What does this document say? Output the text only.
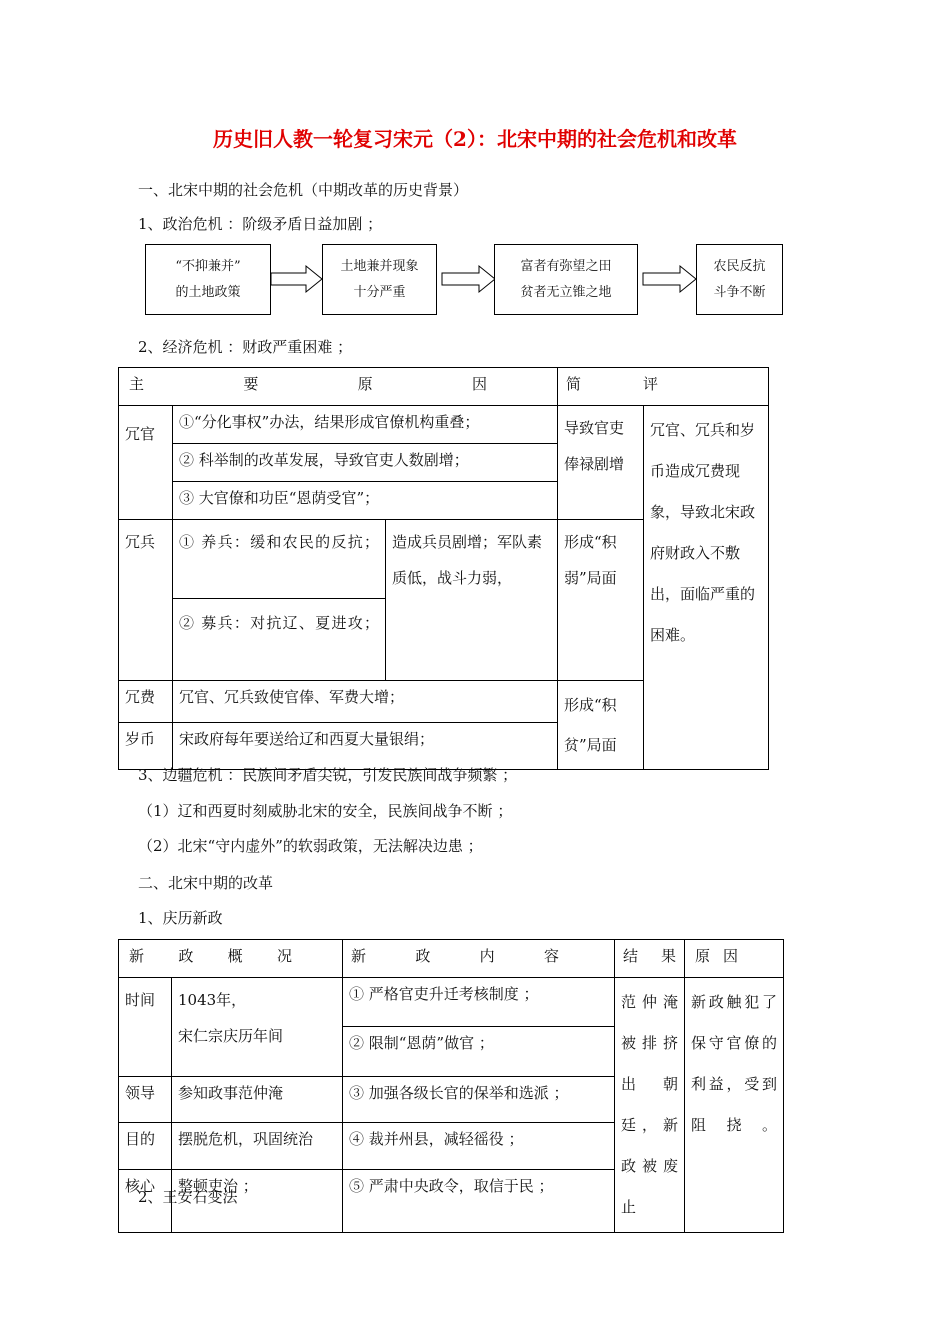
历史旧人教一轮复习宋元（2）：北宋中期的社会危机和改革
一、北宋中期的社会危机（中期改革的历史背景）
1、政治危机 ：阶级矛盾日益加剧 ；
“不抑兼并”
的土地政策
土地兼并现象
十分严重
富者有弥望之田
贫者无立锥之地
农民反抗
斗争不断
2、经济危机 ：财政严重困难 ；
主 要 原 因			简 评	

冗官	①“分化事权”办法，结果形成官僚机构重叠；		导致官吏俸禄剧增	冗官、冗兵和岁币造成冗费现象，导致北宋政府财政入不敷出，面临严重的困难。
	② 科举制的改革发展，导致官吏人数剧增；			
	③ 大官僚和功臣“恩荫受官”；			
冗兵	① 养兵：缓和农民的反抗；	造成兵员剧增；军队素质低，战斗力弱，	形成“积弱”局面	
	② 募兵：对抗辽、夏进攻；			
冗费	冗官、冗兵致使官俸、军费大增；		形成“积贫”局面	
岁币	宋政府每年要送给辽和西夏大量银绢；			
3、边疆危机 ：民族间矛盾尖锐，引发民族间战争频繁 ；
（1）辽和西夏时刻威胁北宋的安全，民族间战争不断 ；
（2）北宋“守内虚外”的软弱政策，无法解决边患 ；
二、北宋中期的改革
1、庆历新政
新 政 概 况		新 政 内 容	结 果	原 因

时间	1043年，
宋仁宗庆历年间	① 严格官吏升迁考核制度 ；	范仲淹被排挤出朝廷，新政被废止	新政触犯了保守官僚的利益，受到阻挠。
		② 限制“恩荫”做官 ；		
领导	参知政事范仲淹	③ 加强各级长官的保举和选派 ；		
目的	摆脱危机，巩固统治	④ 裁并州县，减轻徭役 ；		
核心	整顿吏治 ；	⑤ 严肃中央政令，取信于民 ；		
2、王安石变法
